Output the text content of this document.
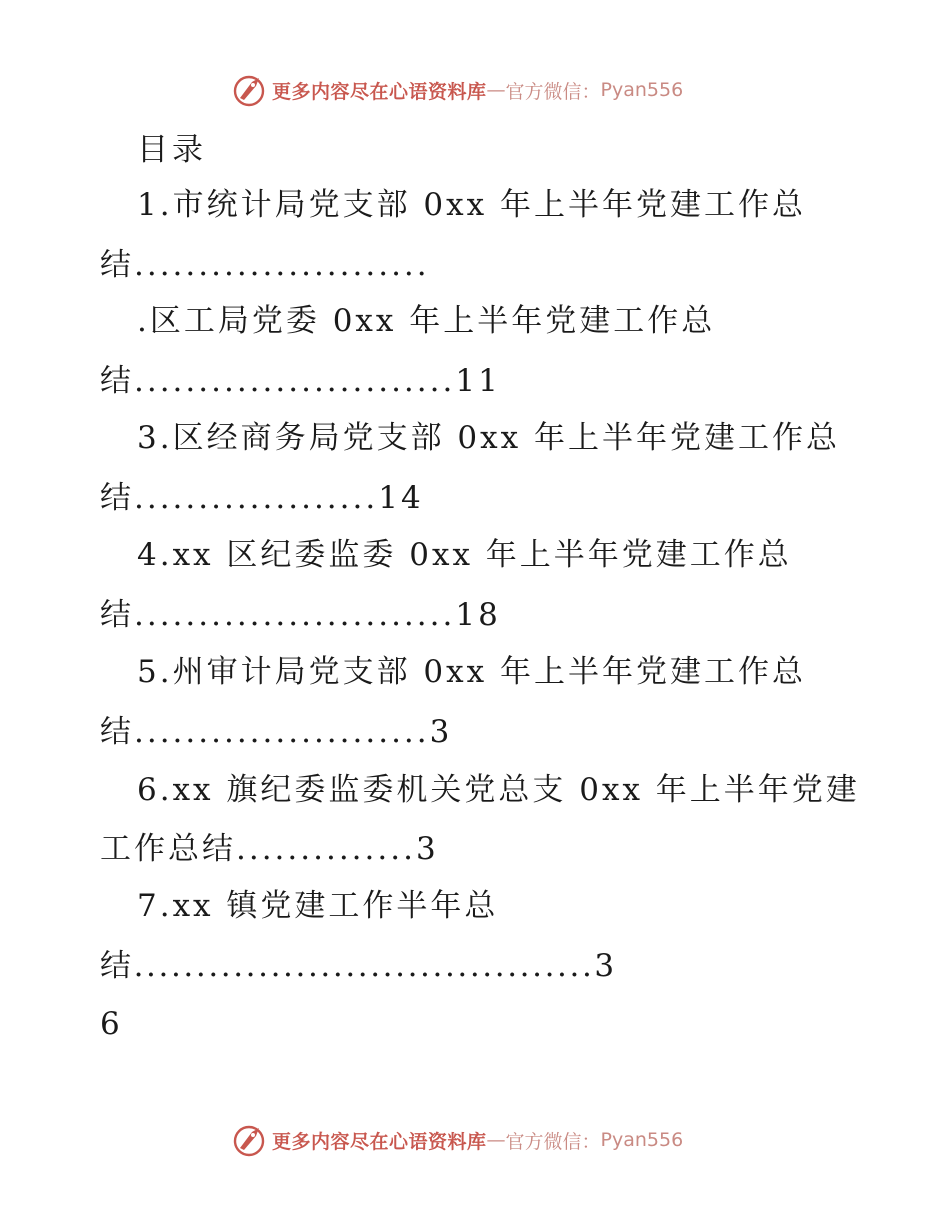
更多内容尽在心语资料库 — 官方微信： Pyan556
目录
1.市统计局党支部 0xx 年上半年党建工作总
结.......................
.区工局党委 0xx 年上半年党建工作总
结.........................11
3.区经商务局党支部 0xx 年上半年党建工作总
结...................14
4.xx 区纪委监委 0xx 年上半年党建工作总
结.........................18
5.州审计局党支部 0xx 年上半年党建工作总
结.......................3
6.xx 旗纪委监委机关党总支 0xx 年上半年党建
工作总结..............3
7.xx 镇党建工作半年总
结.....................................3
6
更多内容尽在心语资料库 — 官方微信： Pyan556
